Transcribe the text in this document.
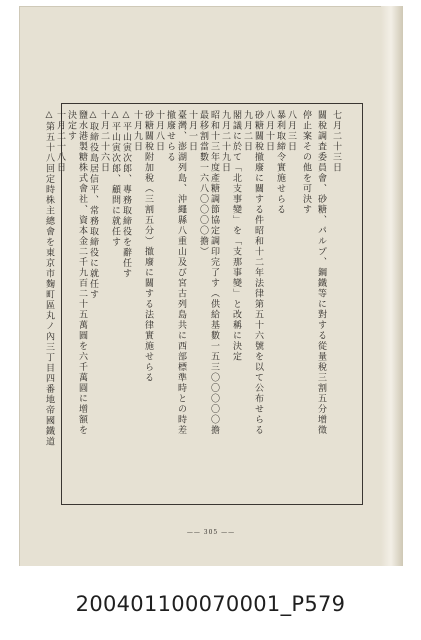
七月二十三日
關稅調査委員會、砂糖、パルプ、鋼鐵等に對する從量稅三割五分增徵
停止案その他を可決す
八月三日
暴利取締令實施せらる
八月十日
砂糖關稅撤廢に關する件昭和十二年法律第五十六號を以て公布せらる
九月二日
閣議に於て「北支事變」を「支那事變」と改稱に決定
九月二十九日
昭和十三年度產糖調節協定調印完了す（供給基數一五三〇〇〇〇〇擔
最移割當數一六八〇〇〇〇擔）
十月一日
臺灣、澎湖列島、沖繩縣八重山及び宮古列島共に西部標準時との時差
撤廢せらる
十月八日
砂糖關稅附加稅（三割五分）撤廢に關する法律實施せらる
十月九日
△平山寅次郎、專務取締役を辭任す
△平山寅次郎、顧問に就任す
十月二十六日
△取締役島居信平、常務取締役に就任す
鹽水港製糖株式會社、資本金二千九百二十五萬圓を六千萬圓に增額を
決定す
十月二十八日
△第五十八回定時株主總會を東京市麴町區丸ノ內三丁目四番地帝國鐵道
—— 305 ——
200401100070001_P579
